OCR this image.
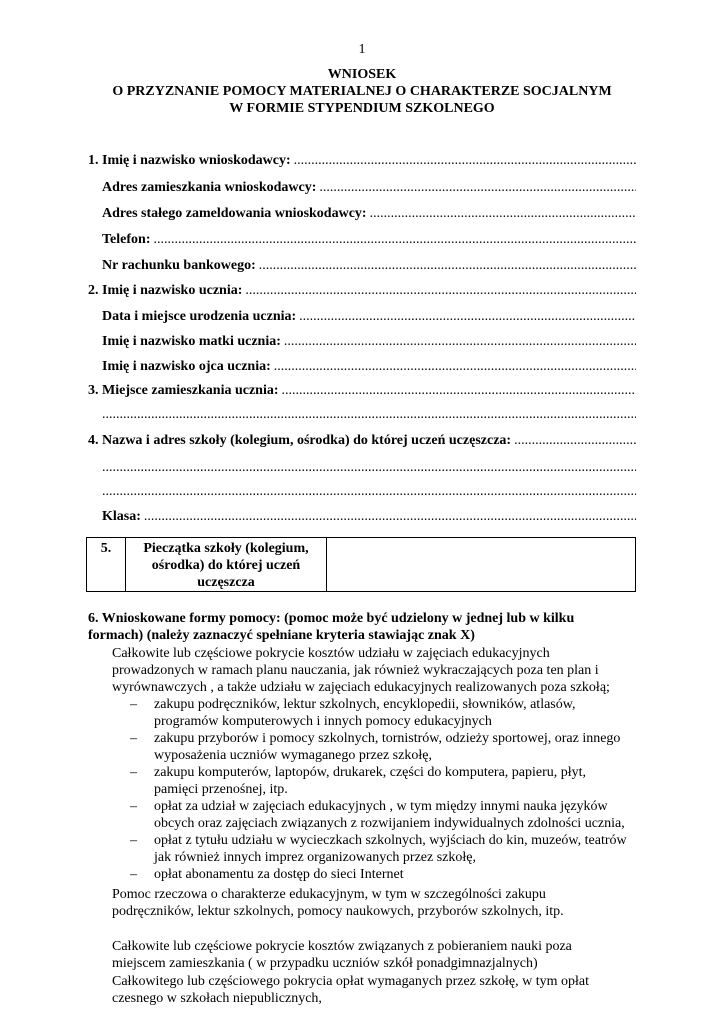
1
WNIOSEK
O PRZYZNANIE POMOCY MATERIALNEJ O CHARAKTERZE SOCJALNYM
W FORMIE STYPENDIUM SZKOLNEGO
1. Imię i nazwisko wnioskodawcy:
.....
Adres zamieszkania wnioskodawcy:
.....
Adres stałego zameldowania wnioskodawcy:
.....
Telefon:
.....
Nr rachunku bankowego:
.....
2. Imię i nazwisko ucznia:
.....
Data i miejsce urodzenia ucznia:
.....
Imię i nazwisko matki ucznia:
.....
Imię i nazwisko ojca ucznia:
.....
3. Miejsce zamieszkania ucznia:
.....
.....
4. Nazwa i adres szkoły (kolegium, ośrodka) do której uczeń uczęszcza:
.....
.....
.....
Klasa:
.....
5.	Pieczątka szkoły (kolegium,
ośrodka) do której uczeń
uczęszcza

6. Wnioskowane formy pomocy: (pomoc może być udzielony w jednej lub w kilku
formach) (należy zaznaczyć spełniane kryteria stawiając znak X)
Całkowite lub częściowe pokrycie kosztów udziału w zajęciach edukacyjnych
prowadzonych w ramach planu nauczania, jak również wykraczających poza ten plan i
wyrównawczych , a także udziału w zajęciach edukacyjnych realizowanych poza szkołą;
– zakupu podręczników, lektur szkolnych, encyklopedii, słowników, atlasów,
programów komputerowych i innych pomocy edukacyjnych
– zakupu przyborów i pomocy szkolnych, tornistrów, odzieży sportowej, oraz innego
wyposażenia uczniów wymaganego przez szkołę,
– zakupu komputerów, laptopów, drukarek, części do komputera, papieru, płyt,
pamięci przenośnej, itp.
– opłat za udział w zajęciach edukacyjnych , w tym między innymi nauka języków
obcych oraz zajęciach związanych z rozwijaniem indywidualnych zdolności ucznia,
– opłat z tytułu udziału w wycieczkach szkolnych, wyjściach do kin, muzeów, teatrów
jak również innych imprez organizowanych przez szkołę,
– opłat abonamentu za dostęp do sieci Internet
Pomoc rzeczowa o charakterze edukacyjnym, w tym w szczególności zakupu
podręczników, lektur szkolnych, pomocy naukowych, przyborów szkolnych, itp.
Całkowite lub częściowe pokrycie kosztów związanych z pobieraniem nauki poza
miejscem zamieszkania ( w przypadku uczniów szkół ponadgimnazjalnych)
Całkowitego lub częściowego pokrycia opłat wymaganych przez szkołę, w tym opłat
czesnego w szkołach niepublicznych,
